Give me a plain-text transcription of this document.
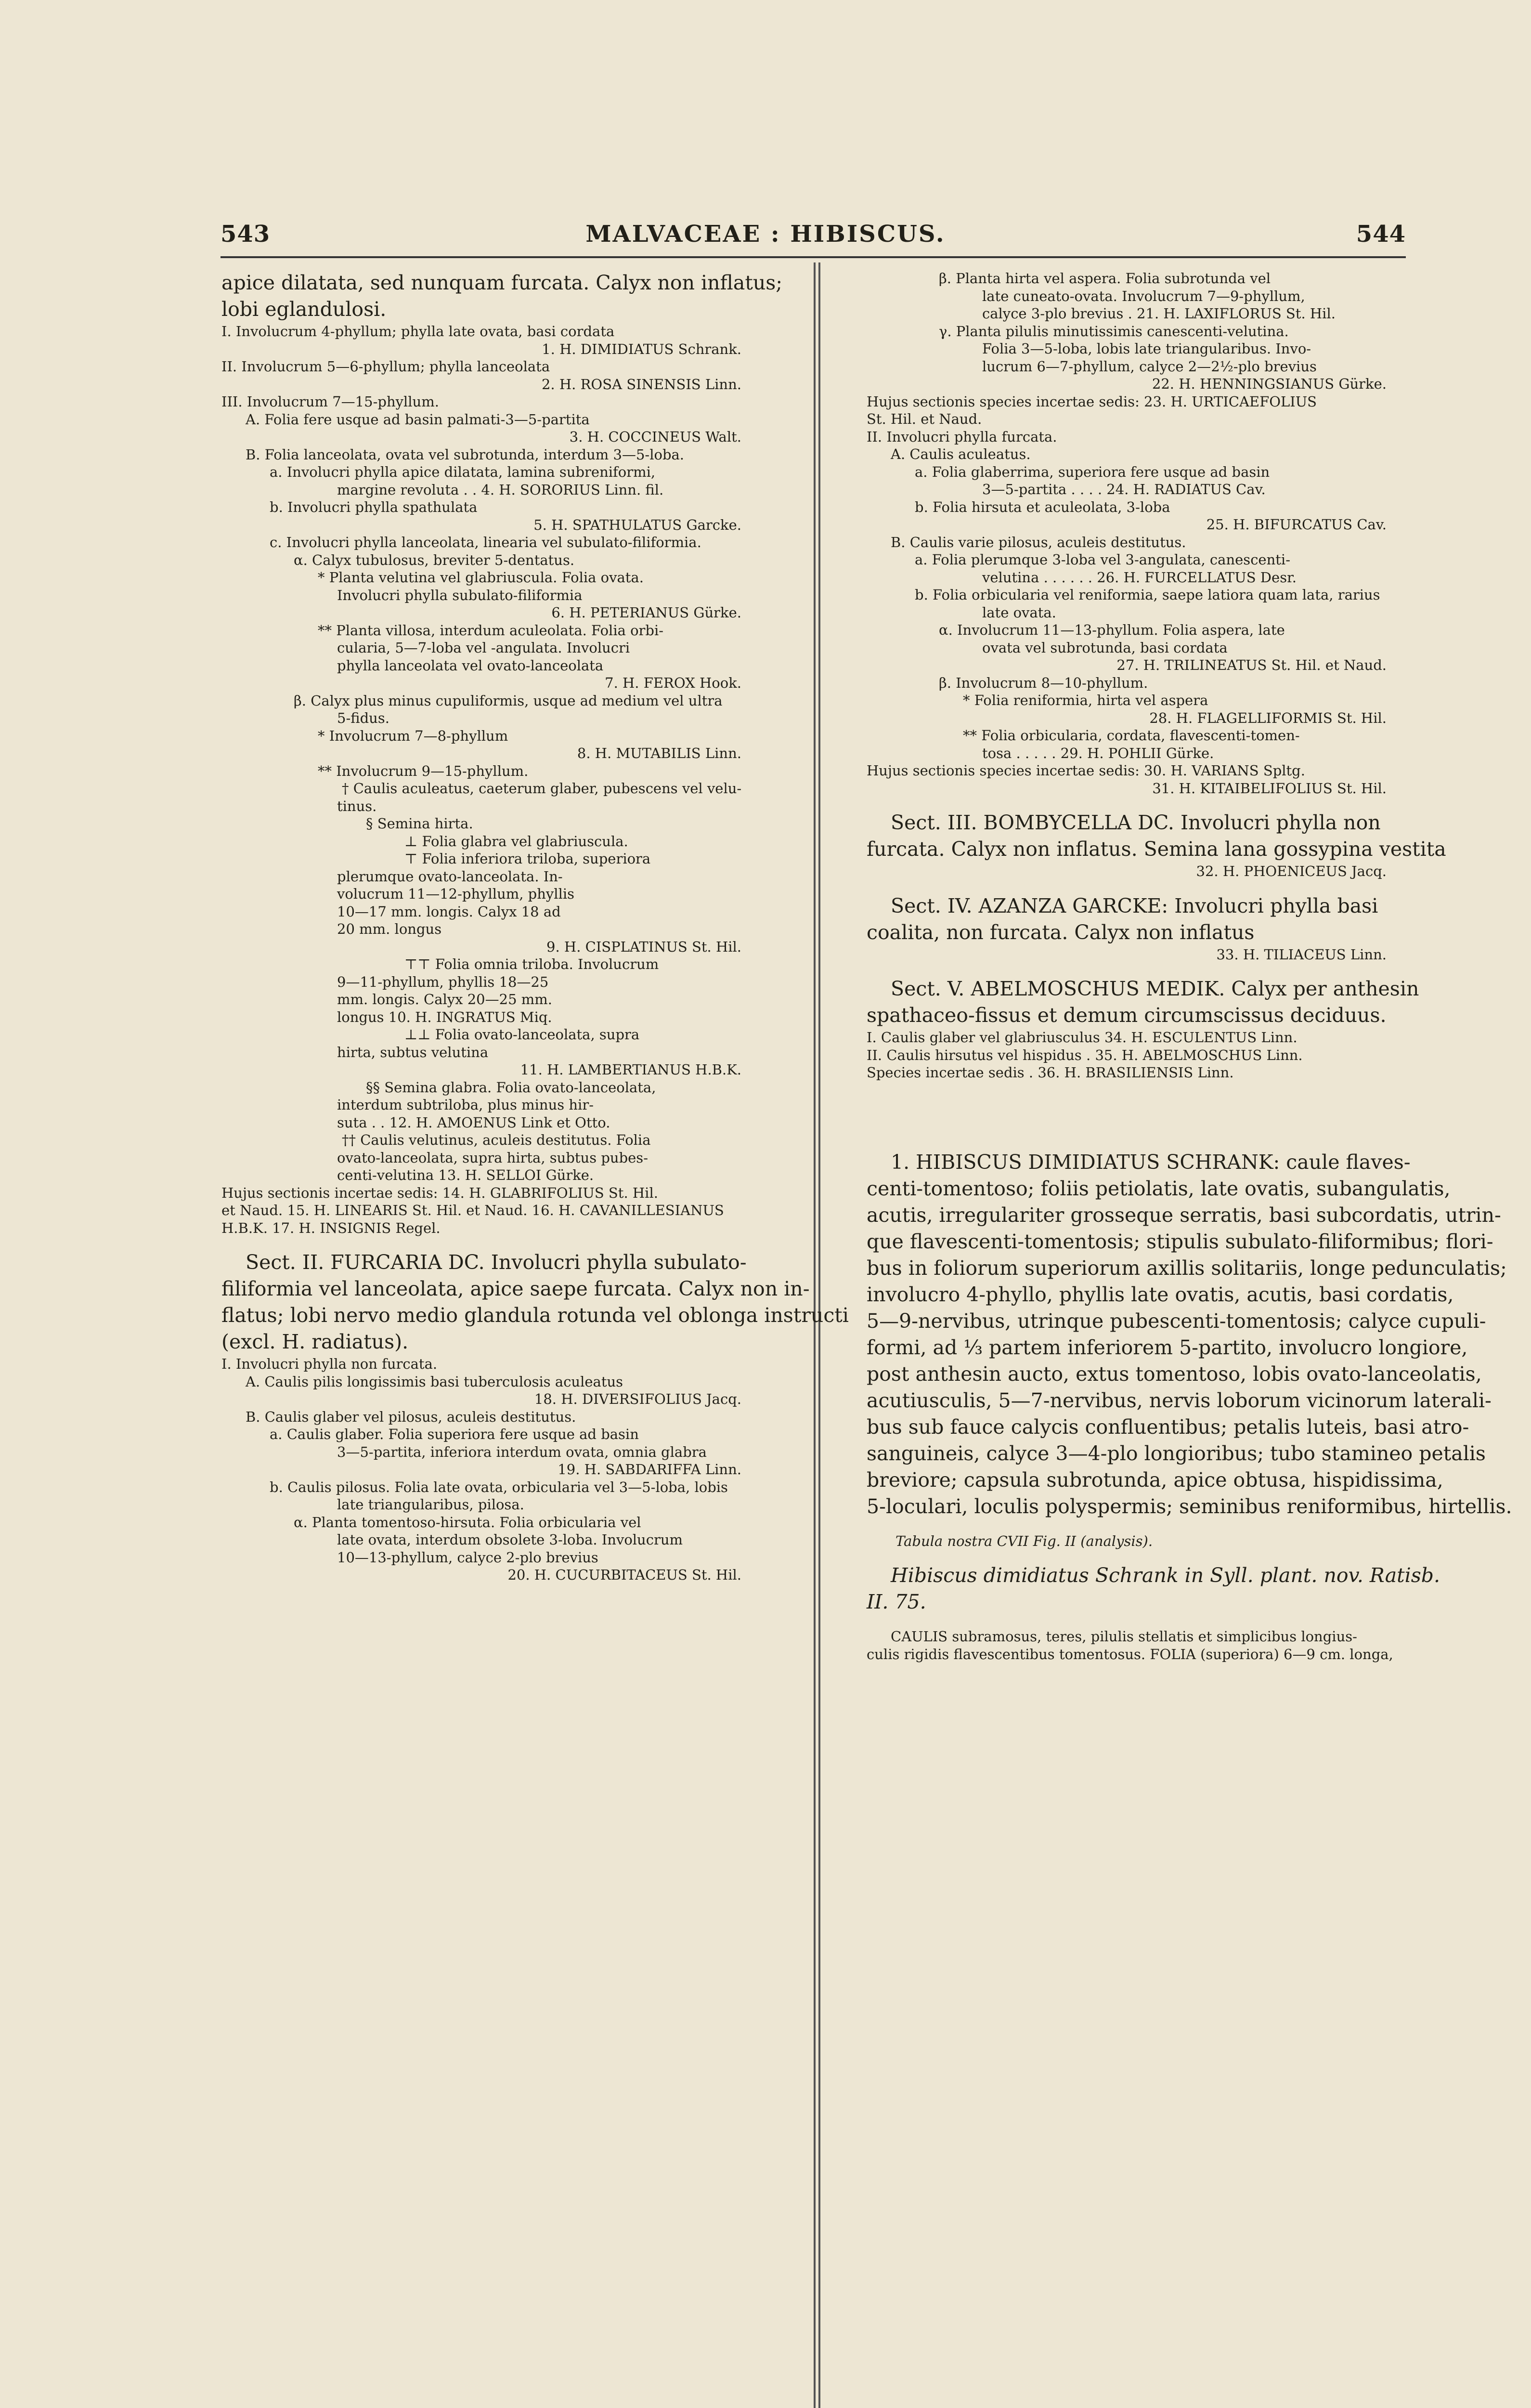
543	MALVACEAE : HIBISCUS.	544
apice dilatata, sed nunquam furcata. Calyx non inflatus;
lobi eglandulosi.
I. Involucrum 4-phyllum; phylla late ovata, basi cordata
1. H. DIMIDIATUS Schrank.
II. Involucrum 5—6-phyllum; phylla lanceolata
2. H. ROSA SINENSIS Linn.
III. Involucrum 7—15-phyllum.
A. Folia fere usque ad basin palmati-3—5-partita
3. H. COCCINEUS Walt.
B. Folia lanceolata, ovata vel subrotunda, interdum 3—5-loba.
a. Involucri phylla apice dilatata, lamina subreniformi,
margine revoluta . . 4. H. SORORIUS Linn. fil.
b. Involucri phylla spathulata
5. H. SPATHULATUS Garcke.
c. Involucri phylla lanceolata, linearia vel subulato-filiformia.
α. Calyx tubulosus, breviter 5-dentatus.
* Planta velutina vel glabriuscula. Folia ovata.
Involucri phylla subulato-filiformia
6. H. PETERIANUS Gürke.
** Planta villosa, interdum aculeolata. Folia orbi-
cularia, 5—7-loba vel -angulata. Involucri
phylla lanceolata vel ovato-lanceolata
7. H. FEROX Hook.
β. Calyx plus minus cupuliformis, usque ad medium vel ultra
5-fidus.
* Involucrum 7—8-phyllum
8. H. MUTABILIS Linn.
** Involucrum 9—15-phyllum.
† Caulis aculeatus, caeterum glaber, pubescens vel velu-
tinus.
§ Semina hirta.
⊥ Folia glabra vel glabriuscula.
⊤ Folia inferiora triloba, superiora
plerumque ovato-lanceolata. In-
volucrum 11—12-phyllum, phyllis
10—17 mm. longis. Calyx 18 ad
20 mm. longus
9. H. CISPLATINUS St. Hil.
⊤⊤ Folia omnia triloba. Involucrum
9—11-phyllum, phyllis 18—25
mm. longis. Calyx 20—25 mm.
longus 10. H. INGRATUS Miq.
⊥⊥ Folia ovato-lanceolata, supra
hirta, subtus velutina
11. H. LAMBERTIANUS H.B.K.
§§ Semina glabra. Folia ovato-lanceolata,
interdum subtriloba, plus minus hir-
suta . . 12. H. AMOENUS Link et Otto.
†† Caulis velutinus, aculeis destitutus. Folia
ovato-lanceolata, supra hirta, subtus pubes-
centi-velutina 13. H. SELLOI Gürke.
Hujus sectionis incertae sedis: 14. H. GLABRIFOLIUS St. Hil.
et Naud. 15. H. LINEARIS St. Hil. et Naud. 16. H. CAVANILLESIANUS
H.B.K. 17. H. INSIGNIS Regel.
Sect. II. FURCARIA DC. Involucri phylla subulato-
filiformia vel lanceolata, apice saepe furcata. Calyx non in-
flatus; lobi nervo medio glandula rotunda vel oblonga instructi
(excl. H. radiatus).
I. Involucri phylla non furcata.
A. Caulis pilis longissimis basi tuberculosis aculeatus
18. H. DIVERSIFOLIUS Jacq.
B. Caulis glaber vel pilosus, aculeis destitutus.
a. Caulis glaber. Folia superiora fere usque ad basin
3—5-partita, inferiora interdum ovata, omnia glabra
19. H. SABDARIFFA Linn.
b. Caulis pilosus. Folia late ovata, orbicularia vel 3—5-loba, lobis
late triangularibus, pilosa.
α. Planta tomentoso-hirsuta. Folia orbicularia vel
late ovata, interdum obsolete 3-loba. Involucrum
10—13-phyllum, calyce 2-plo brevius
20. H. CUCURBITACEUS St. Hil.
β. Planta hirta vel aspera. Folia subrotunda vel
late cuneato-ovata. Involucrum 7—9-phyllum,
calyce 3-plo brevius . 21. H. LAXIFLORUS St. Hil.
γ. Planta pilulis minutissimis canescenti-velutina.
Folia 3—5-loba, lobis late triangularibus. Invo-
lucrum 6—7-phyllum, calyce 2—2½-plo brevius
22. H. HENNINGSIANUS Gürke.
Hujus sectionis species incertae sedis: 23. H. URTICAEFOLIUS
St. Hil. et Naud.
II. Involucri phylla furcata.
A. Caulis aculeatus.
a. Folia glaberrima, superiora fere usque ad basin
3—5-partita . . . . 24. H. RADIATUS Cav.
b. Folia hirsuta et aculeolata, 3-loba
25. H. BIFURCATUS Cav.
B. Caulis varie pilosus, aculeis destitutus.
a. Folia plerumque 3-loba vel 3-angulata, canescenti-
velutina . . . . . . 26. H. FURCELLATUS Desr.
b. Folia orbicularia vel reniformia, saepe latiora quam lata, rarius
late ovata.
α. Involucrum 11—13-phyllum. Folia aspera, late
ovata vel subrotunda, basi cordata
27. H. TRILINEATUS St. Hil. et Naud.
β. Involucrum 8—10-phyllum.
* Folia reniformia, hirta vel aspera
28. H. FLAGELLIFORMIS St. Hil.
** Folia orbicularia, cordata, flavescenti-tomen-
tosa . . . . . 29. H. POHLII Gürke.
Hujus sectionis species incertae sedis: 30. H. VARIANS Spltg.
31. H. KITAIBELIFOLIUS St. Hil.
Sect. III. BOMBYCELLA DC. Involucri phylla non
furcata. Calyx non inflatus. Semina lana gossypina vestita
32. H. PHOENICEUS Jacq.
Sect. IV. AZANZA GARCKE: Involucri phylla basi
coalita, non furcata. Calyx non inflatus
33. H. TILIACEUS Linn.
Sect. V. ABELMOSCHUS MEDIK. Calyx per anthesin
spathaceo-fissus et demum circumscissus deciduus.
I. Caulis glaber vel glabriusculus 34. H. ESCULENTUS Linn.
II. Caulis hirsutus vel hispidus . 35. H. ABELMOSCHUS Linn.
Species incertae sedis . 36. H. BRASILIENSIS Linn.
1. HIBISCUS DIMIDIATUS SCHRANK: caule flaves-
centi-tomentoso; foliis petiolatis, late ovatis, subangulatis,
acutis, irregulariter grosseque serratis, basi subcordatis, utrin-
que flavescenti-tomentosis; stipulis subulato-filiformibus; flori-
bus in foliorum superiorum axillis solitariis, longe pedunculatis;
involucro 4-phyllo, phyllis late ovatis, acutis, basi cordatis,
5—9-nervibus, utrinque pubescenti-tomentosis; calyce cupuli-
formi, ad ⅓ partem inferiorem 5-partito, involucro longiore,
post anthesin aucto, extus tomentoso, lobis ovato-lanceolatis,
acutiusculis, 5—7-nervibus, nervis loborum vicinorum laterali-
bus sub fauce calycis confluentibus; petalis luteis, basi atro-
sanguineis, calyce 3—4-plo longioribus; tubo stamineo petalis
breviore; capsula subrotunda, apice obtusa, hispidissima,
5-loculari, loculis polyspermis; seminibus reniformibus, hirtellis.
Tabula nostra CVII Fig. II (analysis).
Hibiscus dimidiatus Schrank in Syll. plant. nov. Ratisb.
II. 75.
CAULIS subramosus, teres, pilulis stellatis et simplicibus longius-
culis rigidis flavescentibus tomentosus. FOLIA (superiora) 6—9 cm. longa,
